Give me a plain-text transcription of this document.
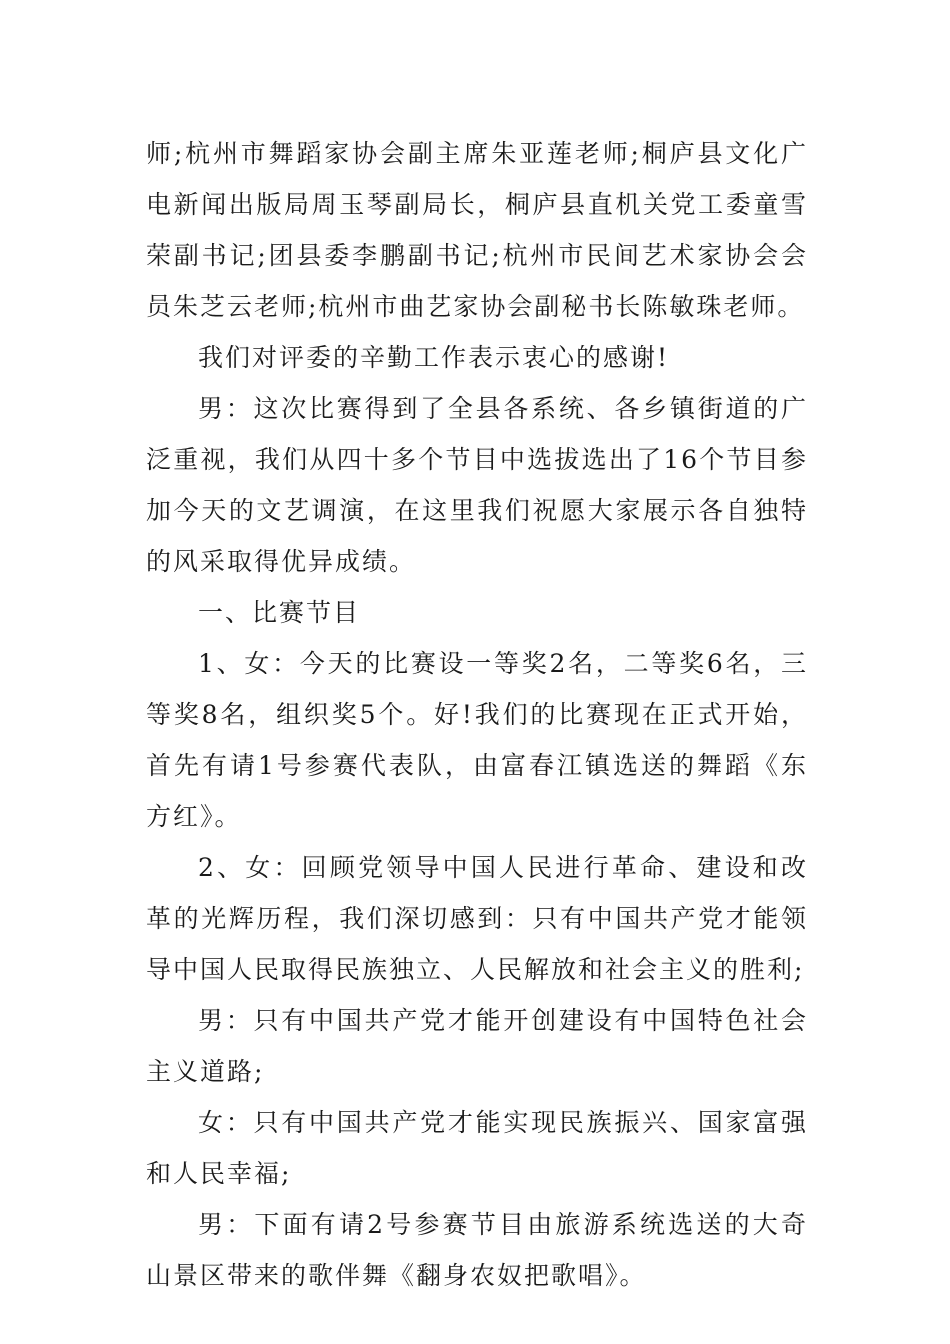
师;杭州市舞蹈家协会副主席朱亚莲老师;桐庐县文化广电新闻出版局周玉琴副局长，桐庐县直机关党工委童雪荣副书记;团县委李鹏副书记;杭州市民间艺术家协会会员朱芝云老师;杭州市曲艺家协会副秘书长陈敏珠老师。

我们对评委的辛勤工作表示衷心的感谢!

男：这次比赛得到了全县各系统、各乡镇街道的广泛重视，我们从四十多个节目中选拔选出了16个节目参加今天的文艺调演，在这里我们祝愿大家展示各自独特的风采取得优异成绩。

一、比赛节目

1、女：今天的比赛设一等奖2名，二等奖6名，三等奖8名，组织奖5个。好!我们的比赛现在正式开始，首先有请1号参赛代表队，由富春江镇选送的舞蹈《东方红》。

2、女：回顾党领导中国人民进行革命、建设和改革的光辉历程，我们深切感到：只有中国共产党才能领导中国人民取得民族独立、人民解放和社会主义的胜利;

男：只有中国共产党才能开创建设有中国特色社会主义道路;

女：只有中国共产党才能实现民族振兴、国家富强和人民幸福;

男：下面有请2号参赛节目由旅游系统选送的大奇山景区带来的歌伴舞《翻身农奴把歌唱》。
